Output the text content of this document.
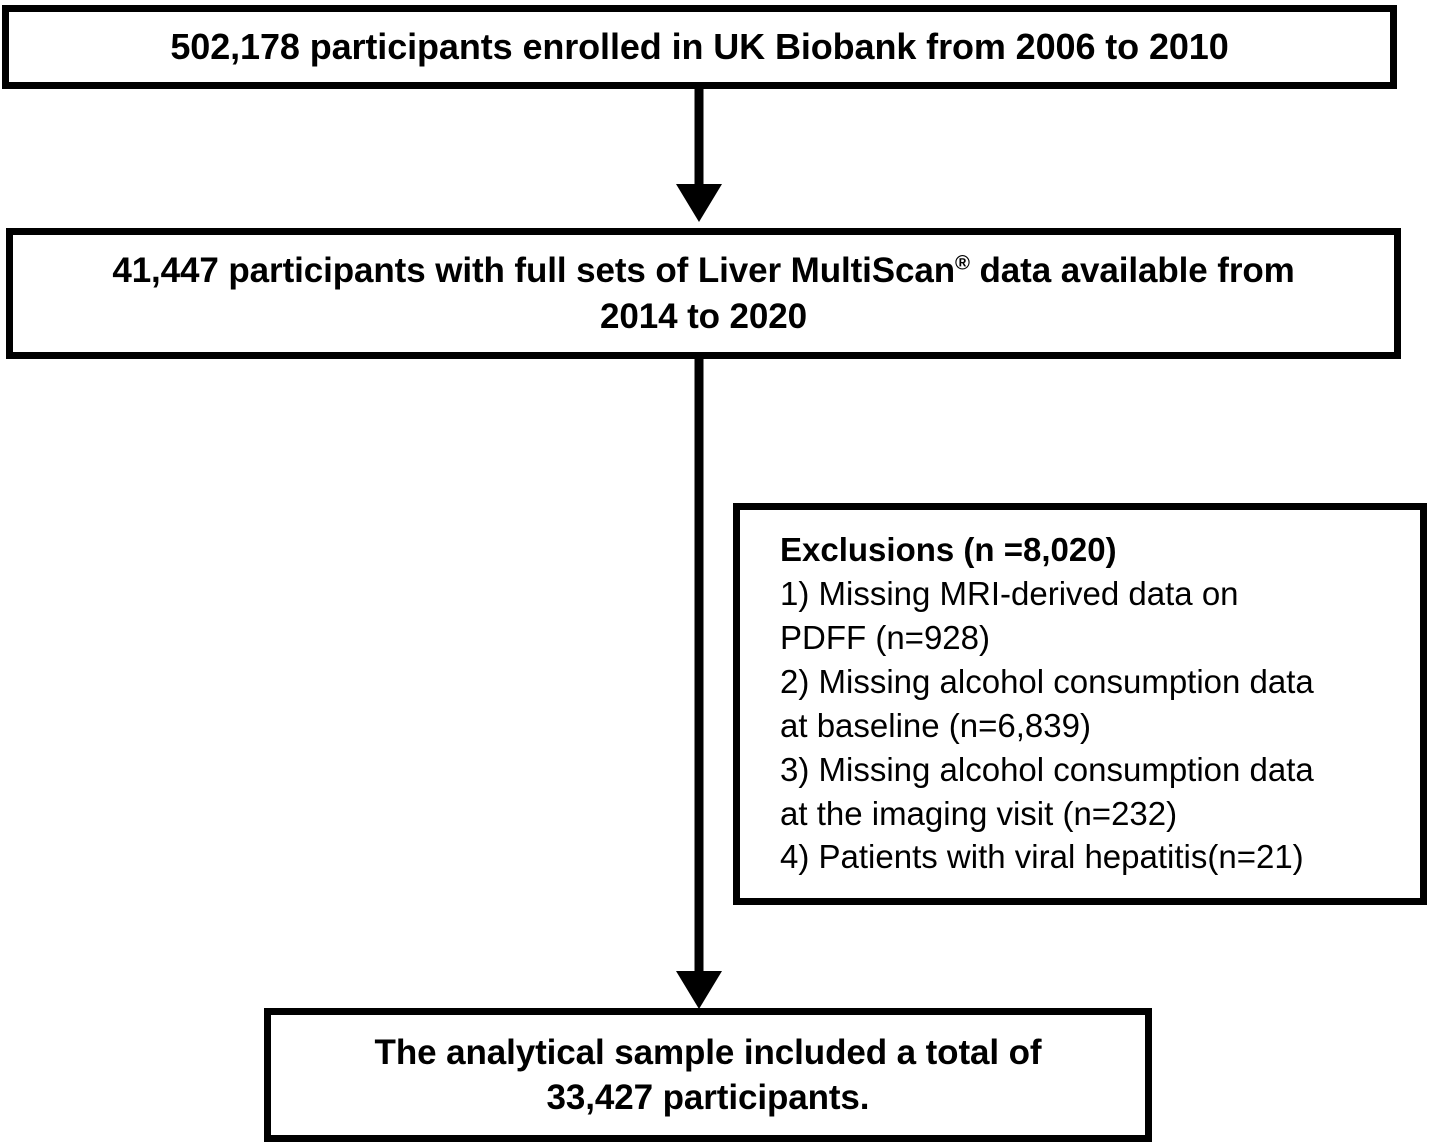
502,178 participants enrolled in UK Biobank from 2006 to 2010
41,447 participants with full sets of Liver MultiScan® data available from
2014 to 2020
Exclusions (n =8,020)
1) Missing MRI-derived data on
PDFF (n=928)
2) Missing alcohol consumption data
at baseline (n=6,839)
3) Missing alcohol consumption data
at the imaging visit (n=232)
4) Patients with viral hepatitis(n=21)
The analytical sample included a total of
33,427 participants.
